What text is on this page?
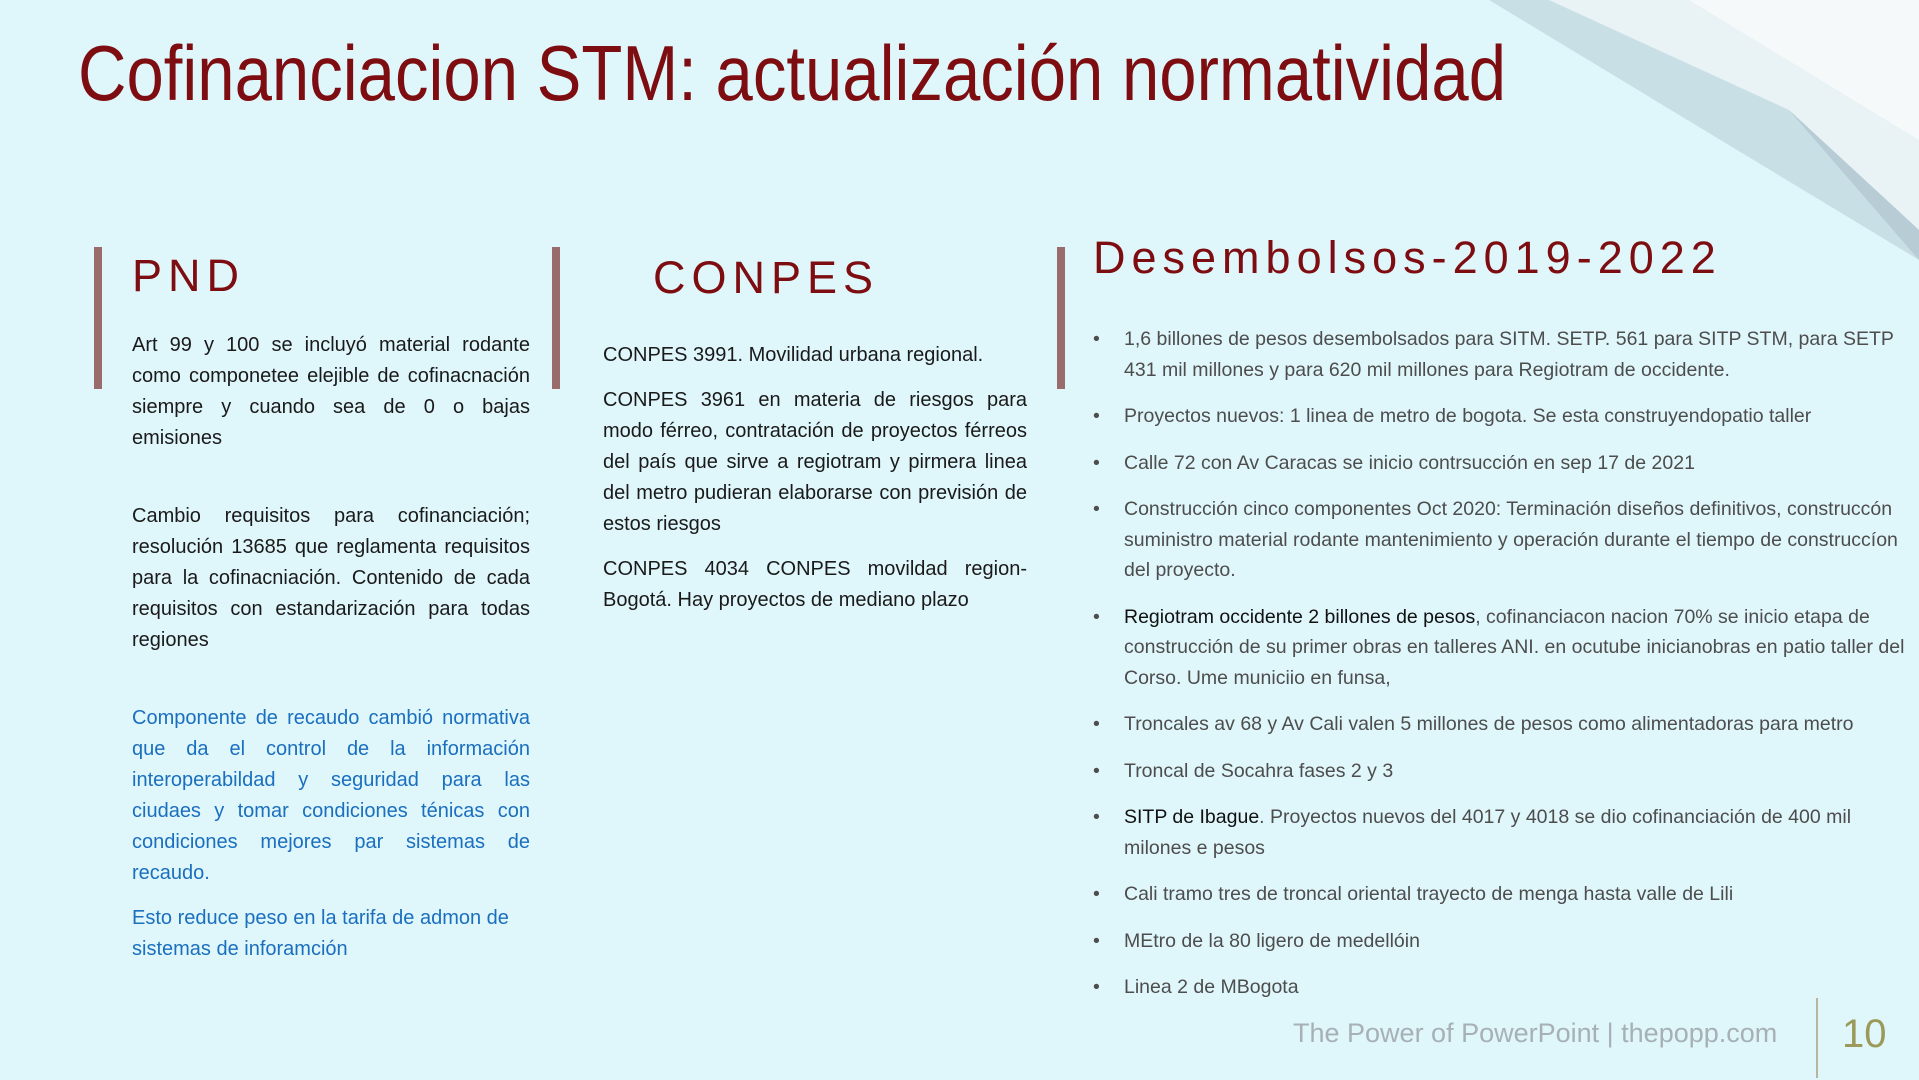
Cofinanciacion STM: actualización normatividad
PND

Art 99 y 100 se incluyó material rodante como componetee elejible de cofinacnación siempre y cuando sea de 0 o bajas emisiones

Cambio requisitos para cofinanciación; resolución 13685 que reglamenta requisitos para la cofinacniación. Contenido de cada requisitos con estandarización para todas regiones

Componente de recaudo cambió normativa que da el control de la información interoperabildad y seguridad para las ciudaes y tomar condiciones ténicas con condiciones mejores par sistemas de recaudo.

Esto reduce peso en la tarifa de admon de sistemas de inforamción

CONPES

CONPES 3991. Movilidad urbana regional.

CONPES 3961 en materia de riesgos para modo férreo, contratación de proyectos férreos del país que sirve a regiotram y pirmera linea del metro pudieran elaborarse con previsión de estos riesgos

CONPES 4034 CONPES movildad region-Bogotá. Hay proyectos de mediano plazo

Desembolsos-2019-2022
• 1,6 billones de pesos desembolsados para SITM. SETP. 561 para SITP STM, para SETP 431 mil millones y para 620 mil millones para Regiotram de occidente.
• Proyectos nuevos: 1 linea de metro de bogota. Se esta construyendopatio taller
• Calle 72 con Av Caracas se inicio contrsucción en sep 17 de 2021
• Construcción cinco componentes Oct 2020: Terminación diseños definitivos, construccón suministro material rodante mantenimiento y operación durante el tiempo de construccíon del proyecto.
• Regiotram occidente 2 billones de pesos, cofinanciacon nacion 70% se inicio etapa de construcción de su primer obras en talleres ANI. en ocutube inicianobras en patio taller del Corso. Ume municiio en funsa,
• Troncales av 68 y Av Cali valen 5 millones de pesos como alimentadoras para metro
• Troncal de Socahra fases 2 y 3
• SITP de Ibague. Proyectos nuevos del 4017 y 4018 se dio cofinanciación de 400 mil milones e pesos
• Cali tramo tres de troncal oriental trayecto de menga hasta valle de Lili
• MEtro de la 80 ligero de medellóin
• Linea 2 de MBogota
The Power of PowerPoint | thepopp.com 10
